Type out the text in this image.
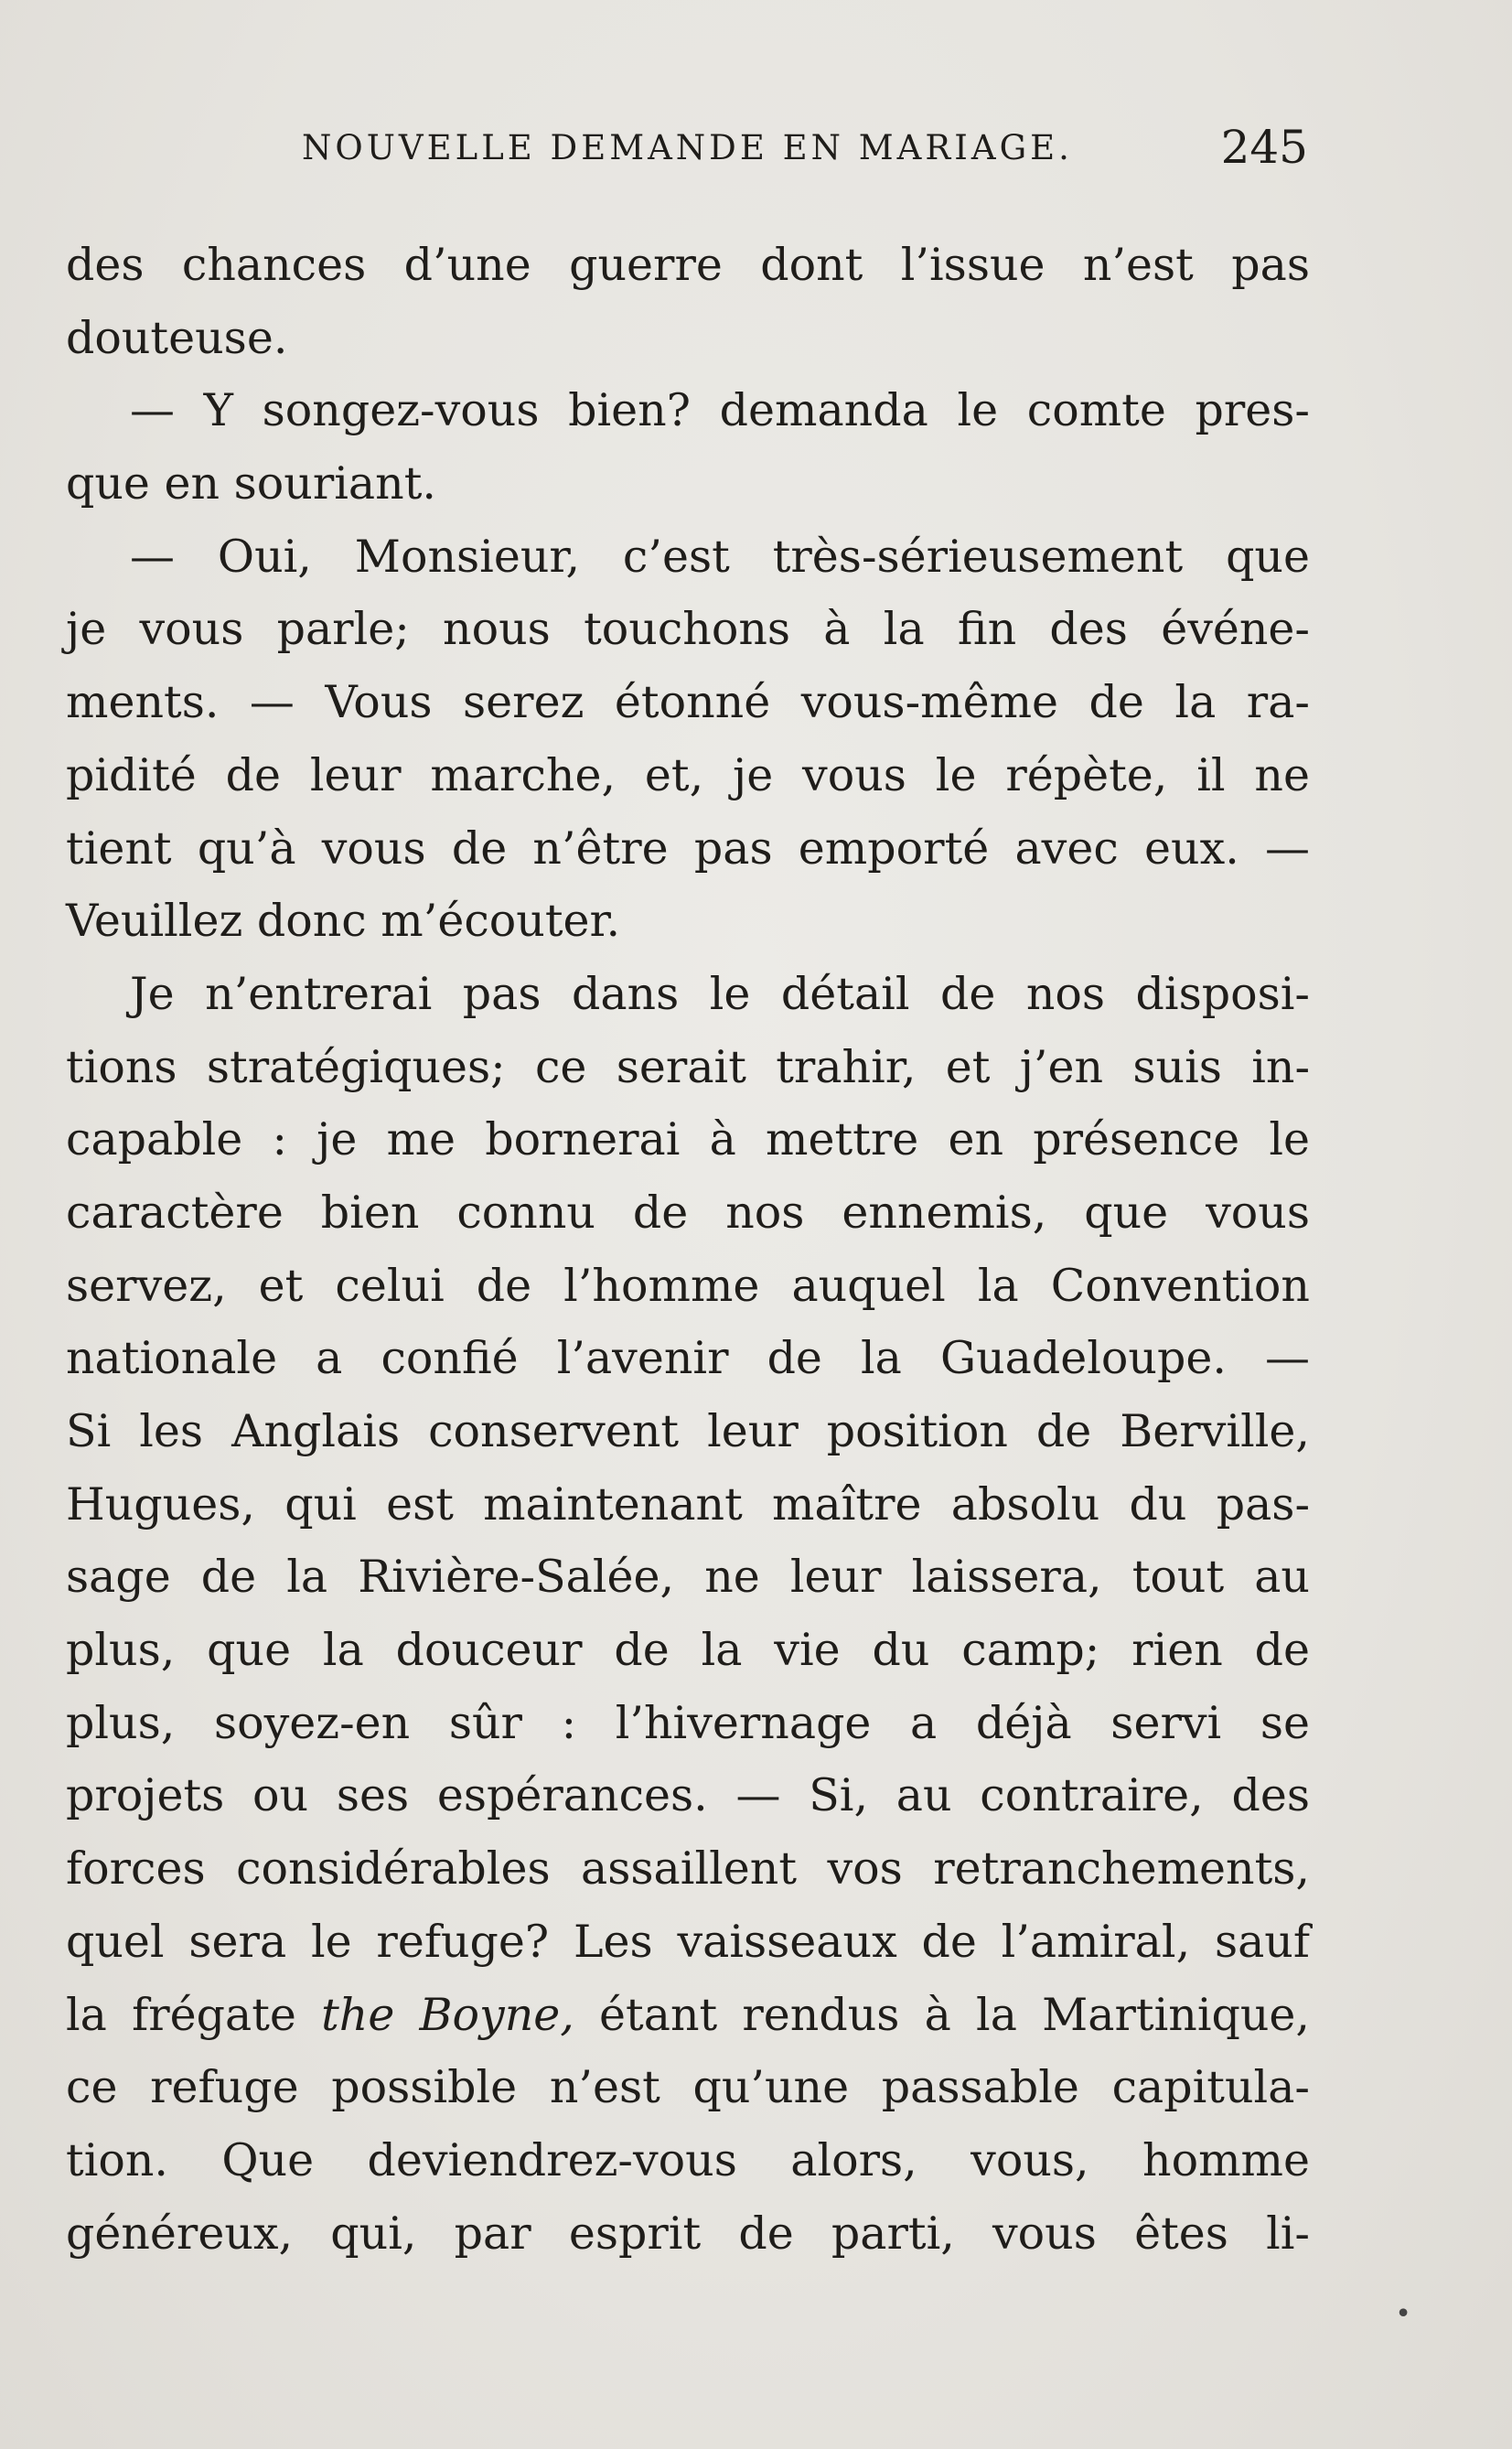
NOUVELLE DEMANDE EN MARIAGE.	245
des chances d’une guerre dont l’issue n’est pas
douteuse.
— Y songez-vous bien? demanda le comte pres-
que en souriant.
— Oui, Monsieur, c’est très-sérieusement que
je vous parle; nous touchons à la fin des événe-
ments. — Vous serez étonné vous-même de la ra-
pidité de leur marche, et, je vous le répète, il ne
tient qu’à vous de n’être pas emporté avec eux. —
Veuillez donc m’écouter.
Je n’entrerai pas dans le détail de nos disposi-
tions stratégiques; ce serait trahir, et j’en suis in-
capable : je me bornerai à mettre en présence le
caractère bien connu de nos ennemis, que vous
servez, et celui de l’homme auquel la Convention
nationale a confié l’avenir de la Guadeloupe. —
Si les Anglais conservent leur position de Berville,
Hugues, qui est maintenant maître absolu du pas-
sage de la Rivière-Salée, ne leur laissera, tout au
plus, que la douceur de la vie du camp; rien de
plus, soyez-en sûr : l’hivernage a déjà servi se
projets ou ses espérances. — Si, au contraire, des
forces considérables assaillent vos retranchements,
quel sera le refuge? Les vaisseaux de l’amiral, sauf
la frégate the Boyne, étant rendus à la Martinique,
ce refuge possible n’est qu’une passable capitula-
tion. Que deviendrez-vous alors, vous, homme
généreux, qui, par esprit de parti, vous êtes li-
•
